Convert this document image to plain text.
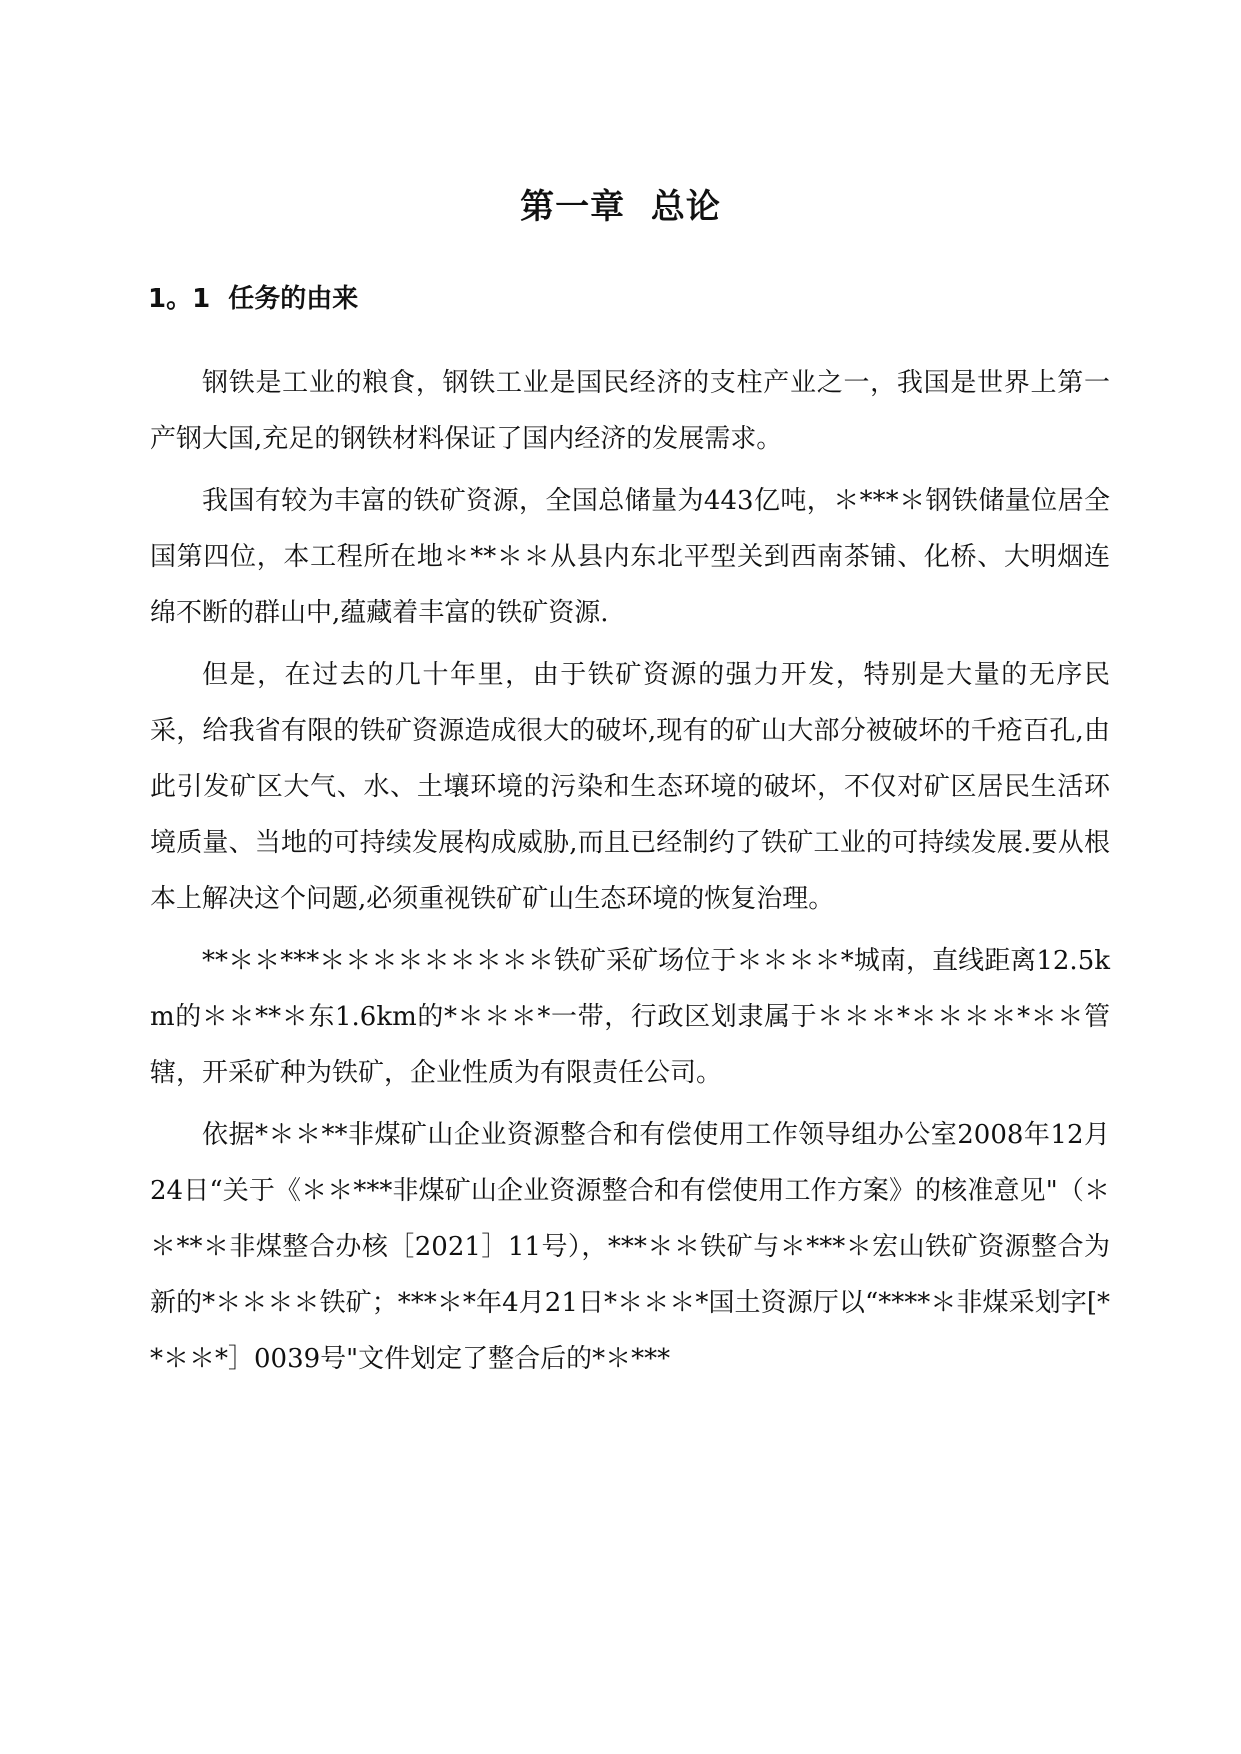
第一章  总论
1。1  任务的由来

钢铁是工业的粮食，钢铁工业是国民经济的支柱产业之一，我国是世界上第一产钢大国,充足的钢铁材料保证了国内经济的发展需求。

我国有较为丰富的铁矿资源，全国总储量为443亿吨，＊***＊钢铁储量位居全国第四位，本工程所在地＊**＊＊从县内东北平型关到西南茶铺、化桥、大明烟连绵不断的群山中,蕴藏着丰富的铁矿资源.

但是，在过去的几十年里，由于铁矿资源的强力开发，特别是大量的无序民采，给我省有限的铁矿资源造成很大的破坏,现有的矿山大部分被破坏的千疮百孔,由此引发矿区大气、水、土壤环境的污染和生态环境的破坏，不仅对矿区居民生活环境质量、当地的可持续发展构成威胁,而且已经制约了铁矿工业的可持续发展.要从根本上解决这个问题,必须重视铁矿矿山生态环境的恢复治理。

**＊＊***＊＊＊＊＊＊＊＊＊铁矿采矿场位于＊＊＊＊*城南，直线距离12.5km的＊＊**＊东1.6km的*＊＊＊*一带，行政区划隶属于＊＊＊*＊＊＊＊*＊＊管辖，开采矿种为铁矿，企业性质为有限责任公司。

依据*＊＊**非煤矿山企业资源整合和有偿使用工作领导组办公室2008年12月24日“关于《＊＊***非煤矿山企业资源整合和有偿使用工作方案》的核准意见"（＊＊**＊非煤整合办核［2021］11号），***＊＊铁矿与＊***＊宏山铁矿资源整合为新的*＊＊＊＊铁矿；***＊*年4月21日*＊＊＊*国土资源厅以“****＊非煤采划字[**＊＊*］0039号"文件划定了整合后的*＊***
